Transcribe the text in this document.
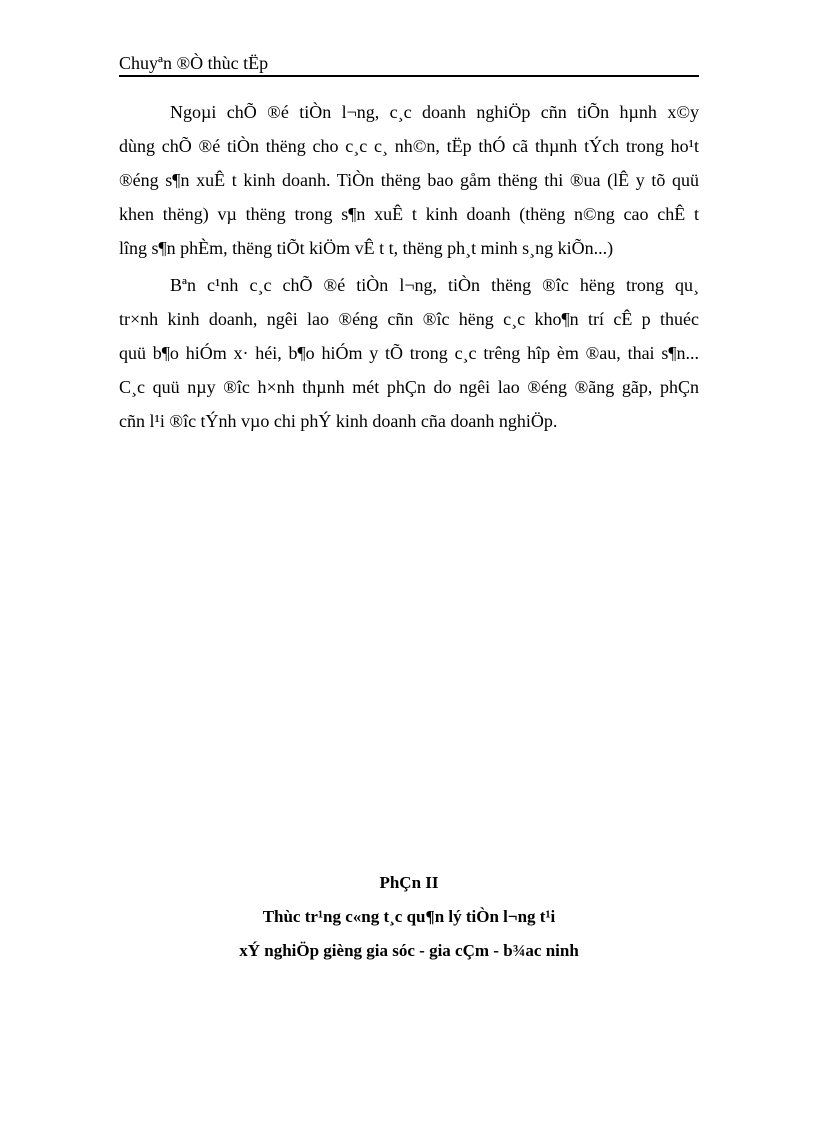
Chuyªn ®Ò thùc tËp
Ngoµi chÕ ®é tiÒn l¬ng, c¸c doanh nghiÖp cñn tiÕn hµnh x©y
dùng chÕ ®é tiÒn thëng cho c¸c c¸ nh©n, tËp thÓ cã thµnh tÝch trong ho¹t
®éng s¶n xuÊ t kinh doanh. TiÒn thëng bao gåm thëng thi ®ua (lÊ y tõ quü
khen thëng) vµ thëng trong s¶n xuÊ t kinh doanh (thëng n©ng cao chÊ t
lîng s¶n phÈm, thëng tiÕt kiÖm vÊ t t, thëng ph¸t minh s¸ng kiÕn...)
Bªn c¹nh c¸c chÕ ®é tiÒn l¬ng, tiÒn thëng ®îc hëng trong qu¸
tr×nh kinh doanh, ngêi lao ®éng cñn ®îc hëng c¸c kho¶n trí cÊ p thuéc
quü b¶o hiÓm x· héi, b¶o hiÓm y tÕ trong c¸c trêng hîp èm ®au, thai s¶n...
C¸c quü nµy ®îc h×nh thµnh mét phÇn do ngêi lao ®éng ®ãng gãp, phÇn
cñn l¹i ®îc tÝnh vµo chi phÝ kinh doanh cña doanh nghiÖp.
PhÇn II
Thùc tr¹ng c«ng t¸c qu¶n lý tiÒn l¬ng t¹i
xÝ nghiÖp gièng gia sóc - gia cÇm - b¾ac ninh
